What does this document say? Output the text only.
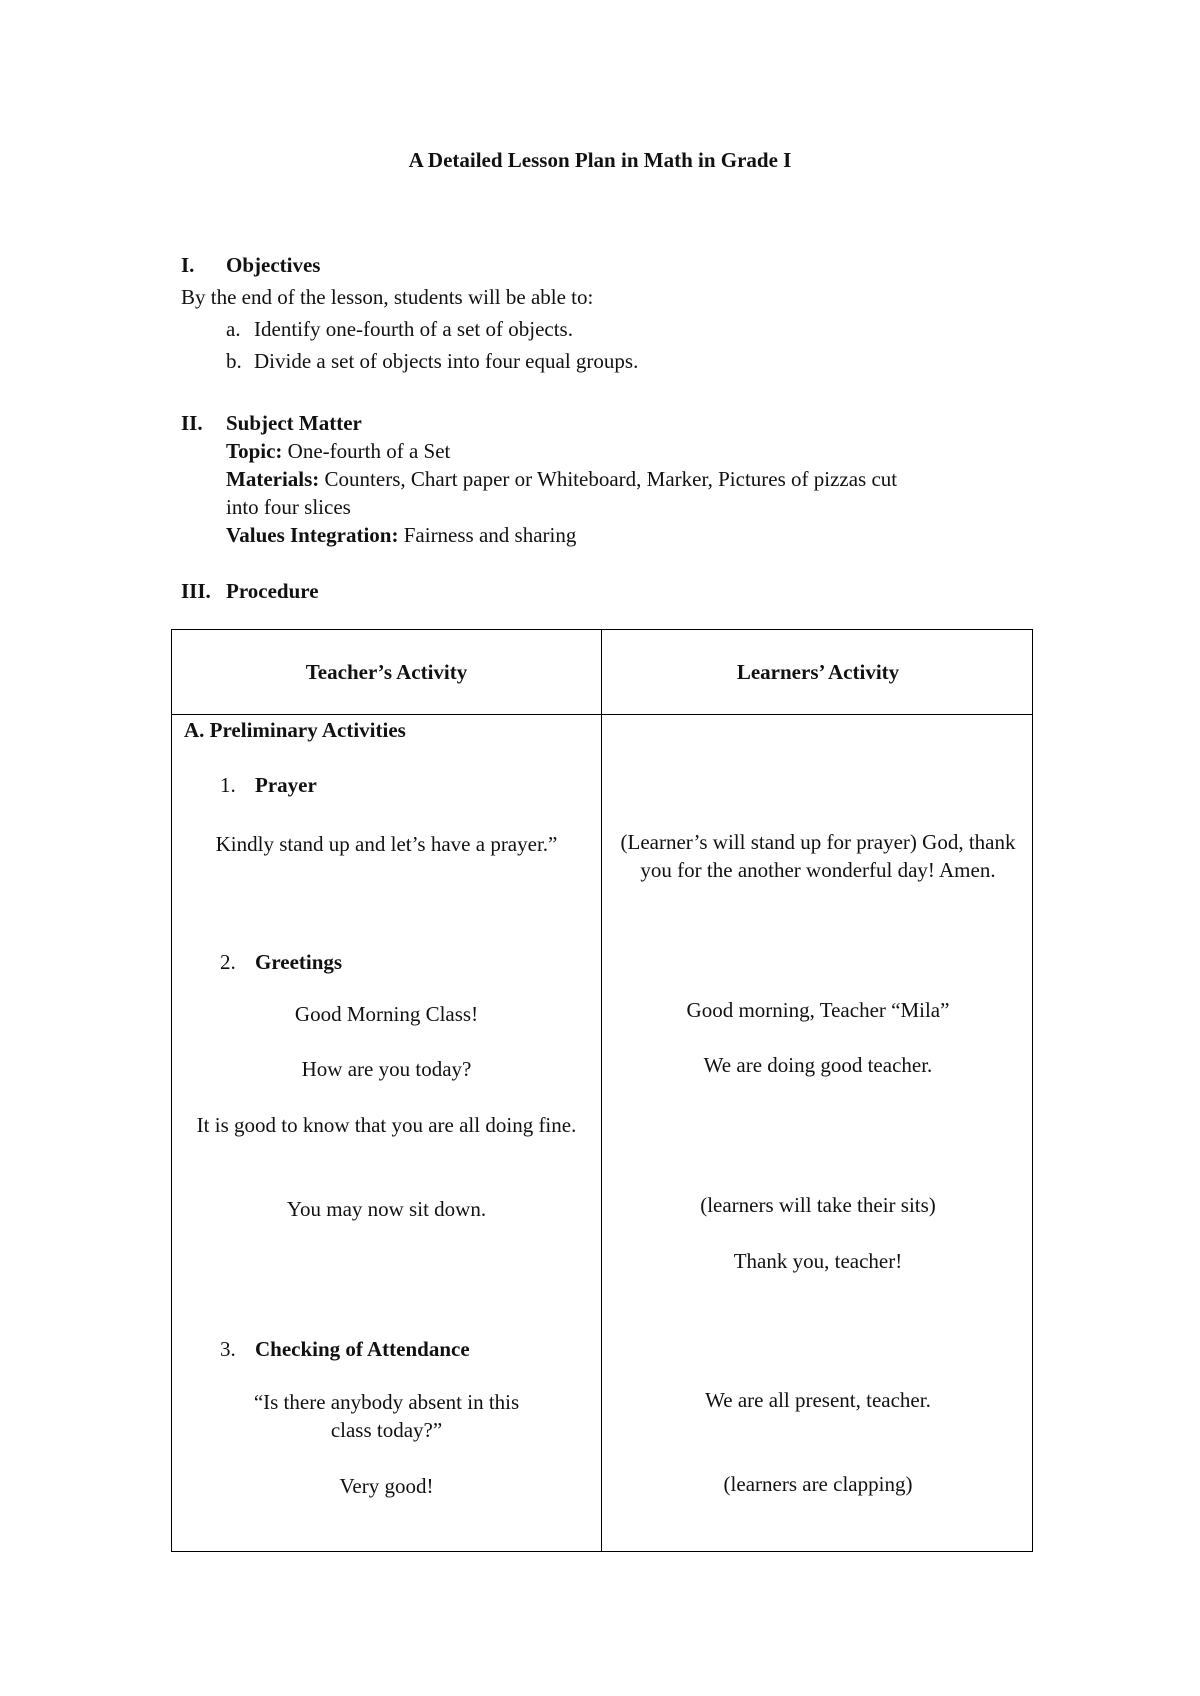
A Detailed Lesson Plan in Math in Grade I
I. Objectives
By the end of the lesson, students will be able to:
a. Identify one-fourth of a set of objects.
b. Divide a set of objects into four equal groups.
II. Subject Matter
Topic: One-fourth of a Set
Materials: Counters, Chart paper or Whiteboard, Marker, Pictures of pizzas cut
into four slices
Values Integration: Fairness and sharing
III. Procedure
Teacher’s Activity	Learners’ Activity
A. Preliminary Activities
1. Prayer
Kindly stand up and let’s have a prayer.”	(Learner’s will stand up for prayer) God, thank you for the another wonderful day! Amen.
2. Greetings
Good Morning Class!
How are you today?
It is good to know that you are all doing fine.
You may now sit down.
Good morning, Teacher “Mila”
We are doing good teacher.
(learners will take their sits)
Thank you, teacher!
3. Checking of Attendance
“Is there anybody absent in this class today?”
Very good!
We are all present, teacher.
(learners are clapping)
